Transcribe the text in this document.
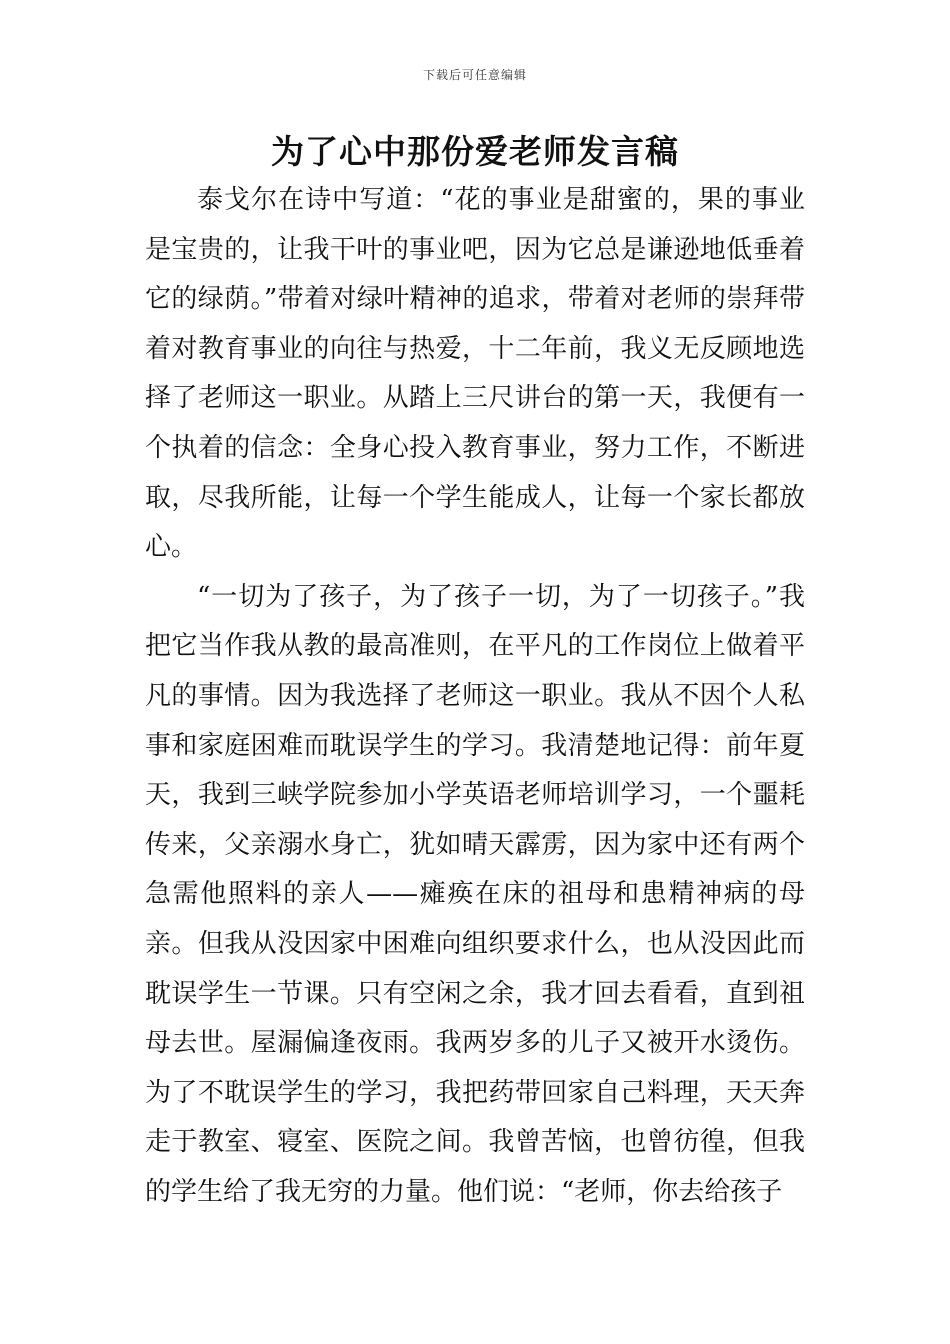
下载后可任意编辑
为了心中那份爱老师发言稿

泰戈尔在诗中写道：“花的事业是甜蜜的，果的事业是宝贵的，让我干叶的事业吧，因为它总是谦逊地低垂着它的绿荫。”带着对绿叶精神的追求，带着对老师的崇拜带着对教育事业的向往与热爱，十二年前，我义无反顾地选择了老师这一职业。从踏上三尺讲台的第一天，我便有一个执着的信念：全身心投入教育事业，努力工作，不断进取，尽我所能，让每一个学生能成人，让每一个家长都放心。

“一切为了孩子，为了孩子一切，为了一切孩子。”我把它当作我从教的最高准则，在平凡的工作岗位上做着平凡的事情。因为我选择了老师这一职业。我从不因个人私事和家庭困难而耽误学生的学习。我清楚地记得：前年夏天，我到三峡学院参加小学英语老师培训学习，一个噩耗传来，父亲溺水身亡，犹如晴天霹雳，因为家中还有两个急需他照料的亲人——瘫痪在床的祖母和患精神病的母亲。但我从没因家中困难向组织要求什么，也从没因此而耽误学生一节课。只有空闲之余，我才回去看看，直到祖母去世。屋漏偏逢夜雨。我两岁多的儿子又被开水烫伤。为了不耽误学生的学习，我把药带回家自己料理，天天奔走于教室、寝室、医院之间。我曾苦恼，也曾彷徨，但我的学生给了我无穷的力量。他们说：“老师，你去给孩子
